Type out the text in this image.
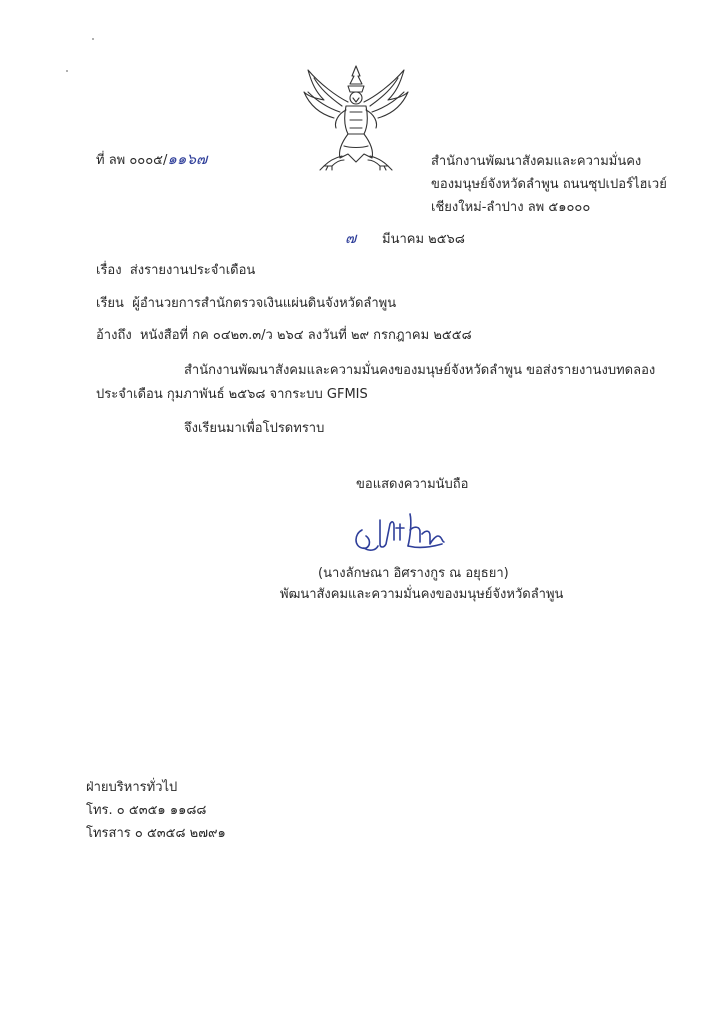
ที่ ลพ ๐๐๐๕/๑๑๖๗	สำนักงานพัฒนาสังคมและความมั่นคง
ของมนุษย์จังหวัดลำพูน ถนนซุปเปอร์ไฮเวย์
เชียงใหม่-ลำปาง ลพ ๕๑๐๐๐
๗ มีนาคม ๒๕๖๘
เรื่อง ส่งรายงานประจำเดือน
เรียน ผู้อำนวยการสำนักตรวจเงินแผ่นดินจังหวัดลำพูน
อ้างถึง หนังสือที่ กค ๐๔๒๓.๓/ว ๒๖๔ ลงวันที่ ๒๙ กรกฎาคม ๒๕๕๘
สำนักงานพัฒนาสังคมและความมั่นคงของมนุษย์จังหวัดลำพูน ขอส่งรายงานงบทดลอง
ประจำเดือน กุมภาพันธ์ ๒๕๖๘ จากระบบ GFMIS
จึงเรียนมาเพื่อโปรดทราบ
ขอแสดงความนับถือ
(นางลักษณา อิศรางกูร ณ อยุธยา)
พัฒนาสังคมและความมั่นคงของมนุษย์จังหวัดลำพูน
ฝ่ายบริหารทั่วไป
โทร. ๐ ๕๓๕๑ ๑๑๘๘
โทรสาร ๐ ๕๓๕๘ ๒๗๙๑
